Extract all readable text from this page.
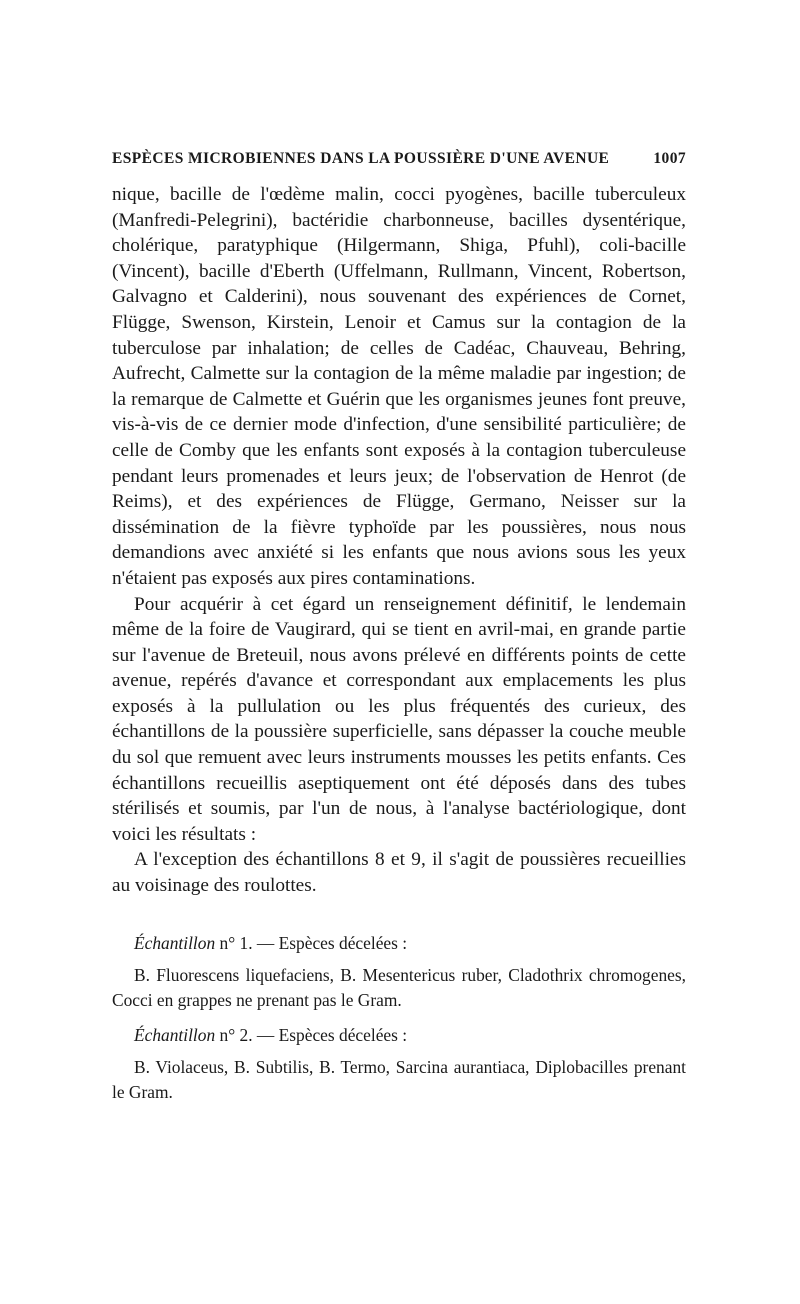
ESPÈCES MICROBIENNES DANS LA POUSSIÈRE D'UNE AVENUE	1007

nique, bacille de l'œdème malin, cocci pyogènes, bacille tuberculeux (Manfredi-Pelegrini), bactéridie charbonneuse, bacilles dysentérique, cholérique, paratyphique (Hilgermann, Shiga, Pfuhl), coli-bacille (Vincent), bacille d'Eberth (Uffelmann, Rullmann, Vincent, Robertson, Galvagno et Calderini), nous souvenant des expériences de Cornet, Flügge, Swenson, Kirstein, Lenoir et Camus sur la contagion de la tuberculose par inhalation; de celles de Cadéac, Chauveau, Behring, Aufrecht, Calmette sur la contagion de la même maladie par ingestion; de la remarque de Calmette et Guérin que les organismes jeunes font preuve, vis-à-vis de ce dernier mode d'infection, d'une sensibilité particulière; de celle de Comby que les enfants sont exposés à la contagion tuberculeuse pendant leurs promenades et leurs jeux; de l'observation de Henrot (de Reims), et des expériences de Flügge, Germano, Neisser sur la dissémination de la fièvre typhoïde par les poussières, nous nous demandions avec anxiété si les enfants que nous avions sous les yeux n'étaient pas exposés aux pires contaminations.

Pour acquérir à cet égard un renseignement définitif, le lendemain même de la foire de Vaugirard, qui se tient en avril-mai, en grande partie sur l'avenue de Breteuil, nous avons prélevé en différents points de cette avenue, repérés d'avance et correspondant aux emplacements les plus exposés à la pullulation ou les plus fréquentés des curieux, des échantillons de la poussière superficielle, sans dépasser la couche meuble du sol que remuent avec leurs instruments mousses les petits enfants. Ces échantillons recueillis aseptiquement ont été déposés dans des tubes stérilisés et soumis, par l'un de nous, à l'analyse bactériologique, dont voici les résultats :

A l'exception des échantillons 8 et 9, il s'agit de poussières recueillies au voisinage des roulottes.

Échantillon n° 1. — Espèces décelées :

B. Fluorescens liquefaciens, B. Mesentericus ruber, Cladothrix chromogenes, Cocci en grappes ne prenant pas le Gram.

Échantillon n° 2. — Espèces décelées :

B. Violaceus, B. Subtilis, B. Termo, Sarcina aurantiaca, Diplobacilles prenant le Gram.
